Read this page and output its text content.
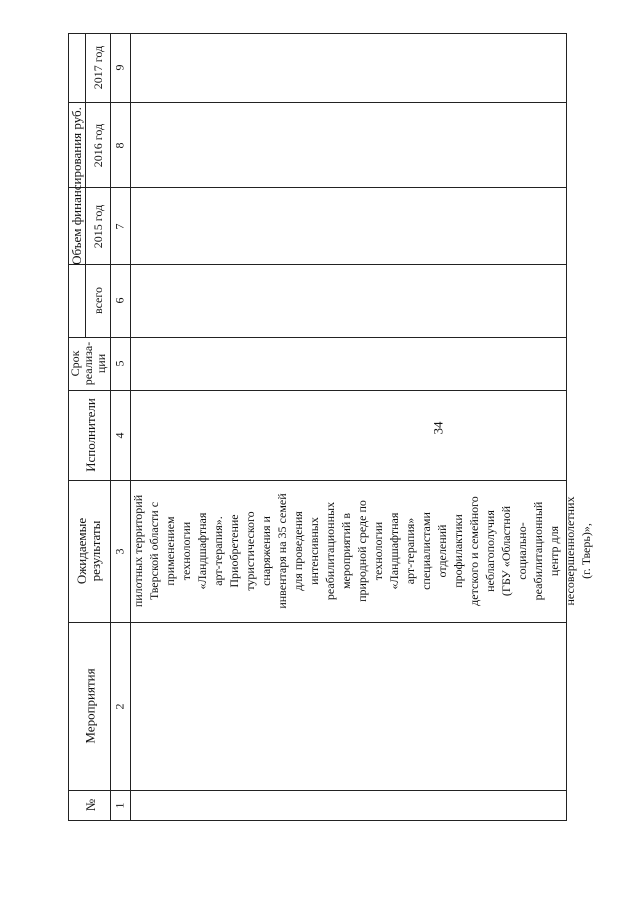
34
№
Мероприятия
Ожидаемые результаты
Исполнители
Срок реализа-ции
Объем финансирования руб.
всего
2015 год
2016 год
2017 год
1
2
3
4
5
6
7
8
9
пилотных территорий
Тверской области с
применением
технологии
«Ландшафтная
арт-терапия».
Приобретение
туристического
снаряжения и
инвентаря на 35 семей
для проведения
интенсивных
реабилитационных
мероприятий в
природной среде по
технологии
«Ландшафтная
арт-терапия»
специалистами
отделений
профилактики
детского и семейного
неблагополучия
(ГБУ «Областной
социально-
реабилитационный
центр для
несовершеннолетних
(г. Тверь)»,
